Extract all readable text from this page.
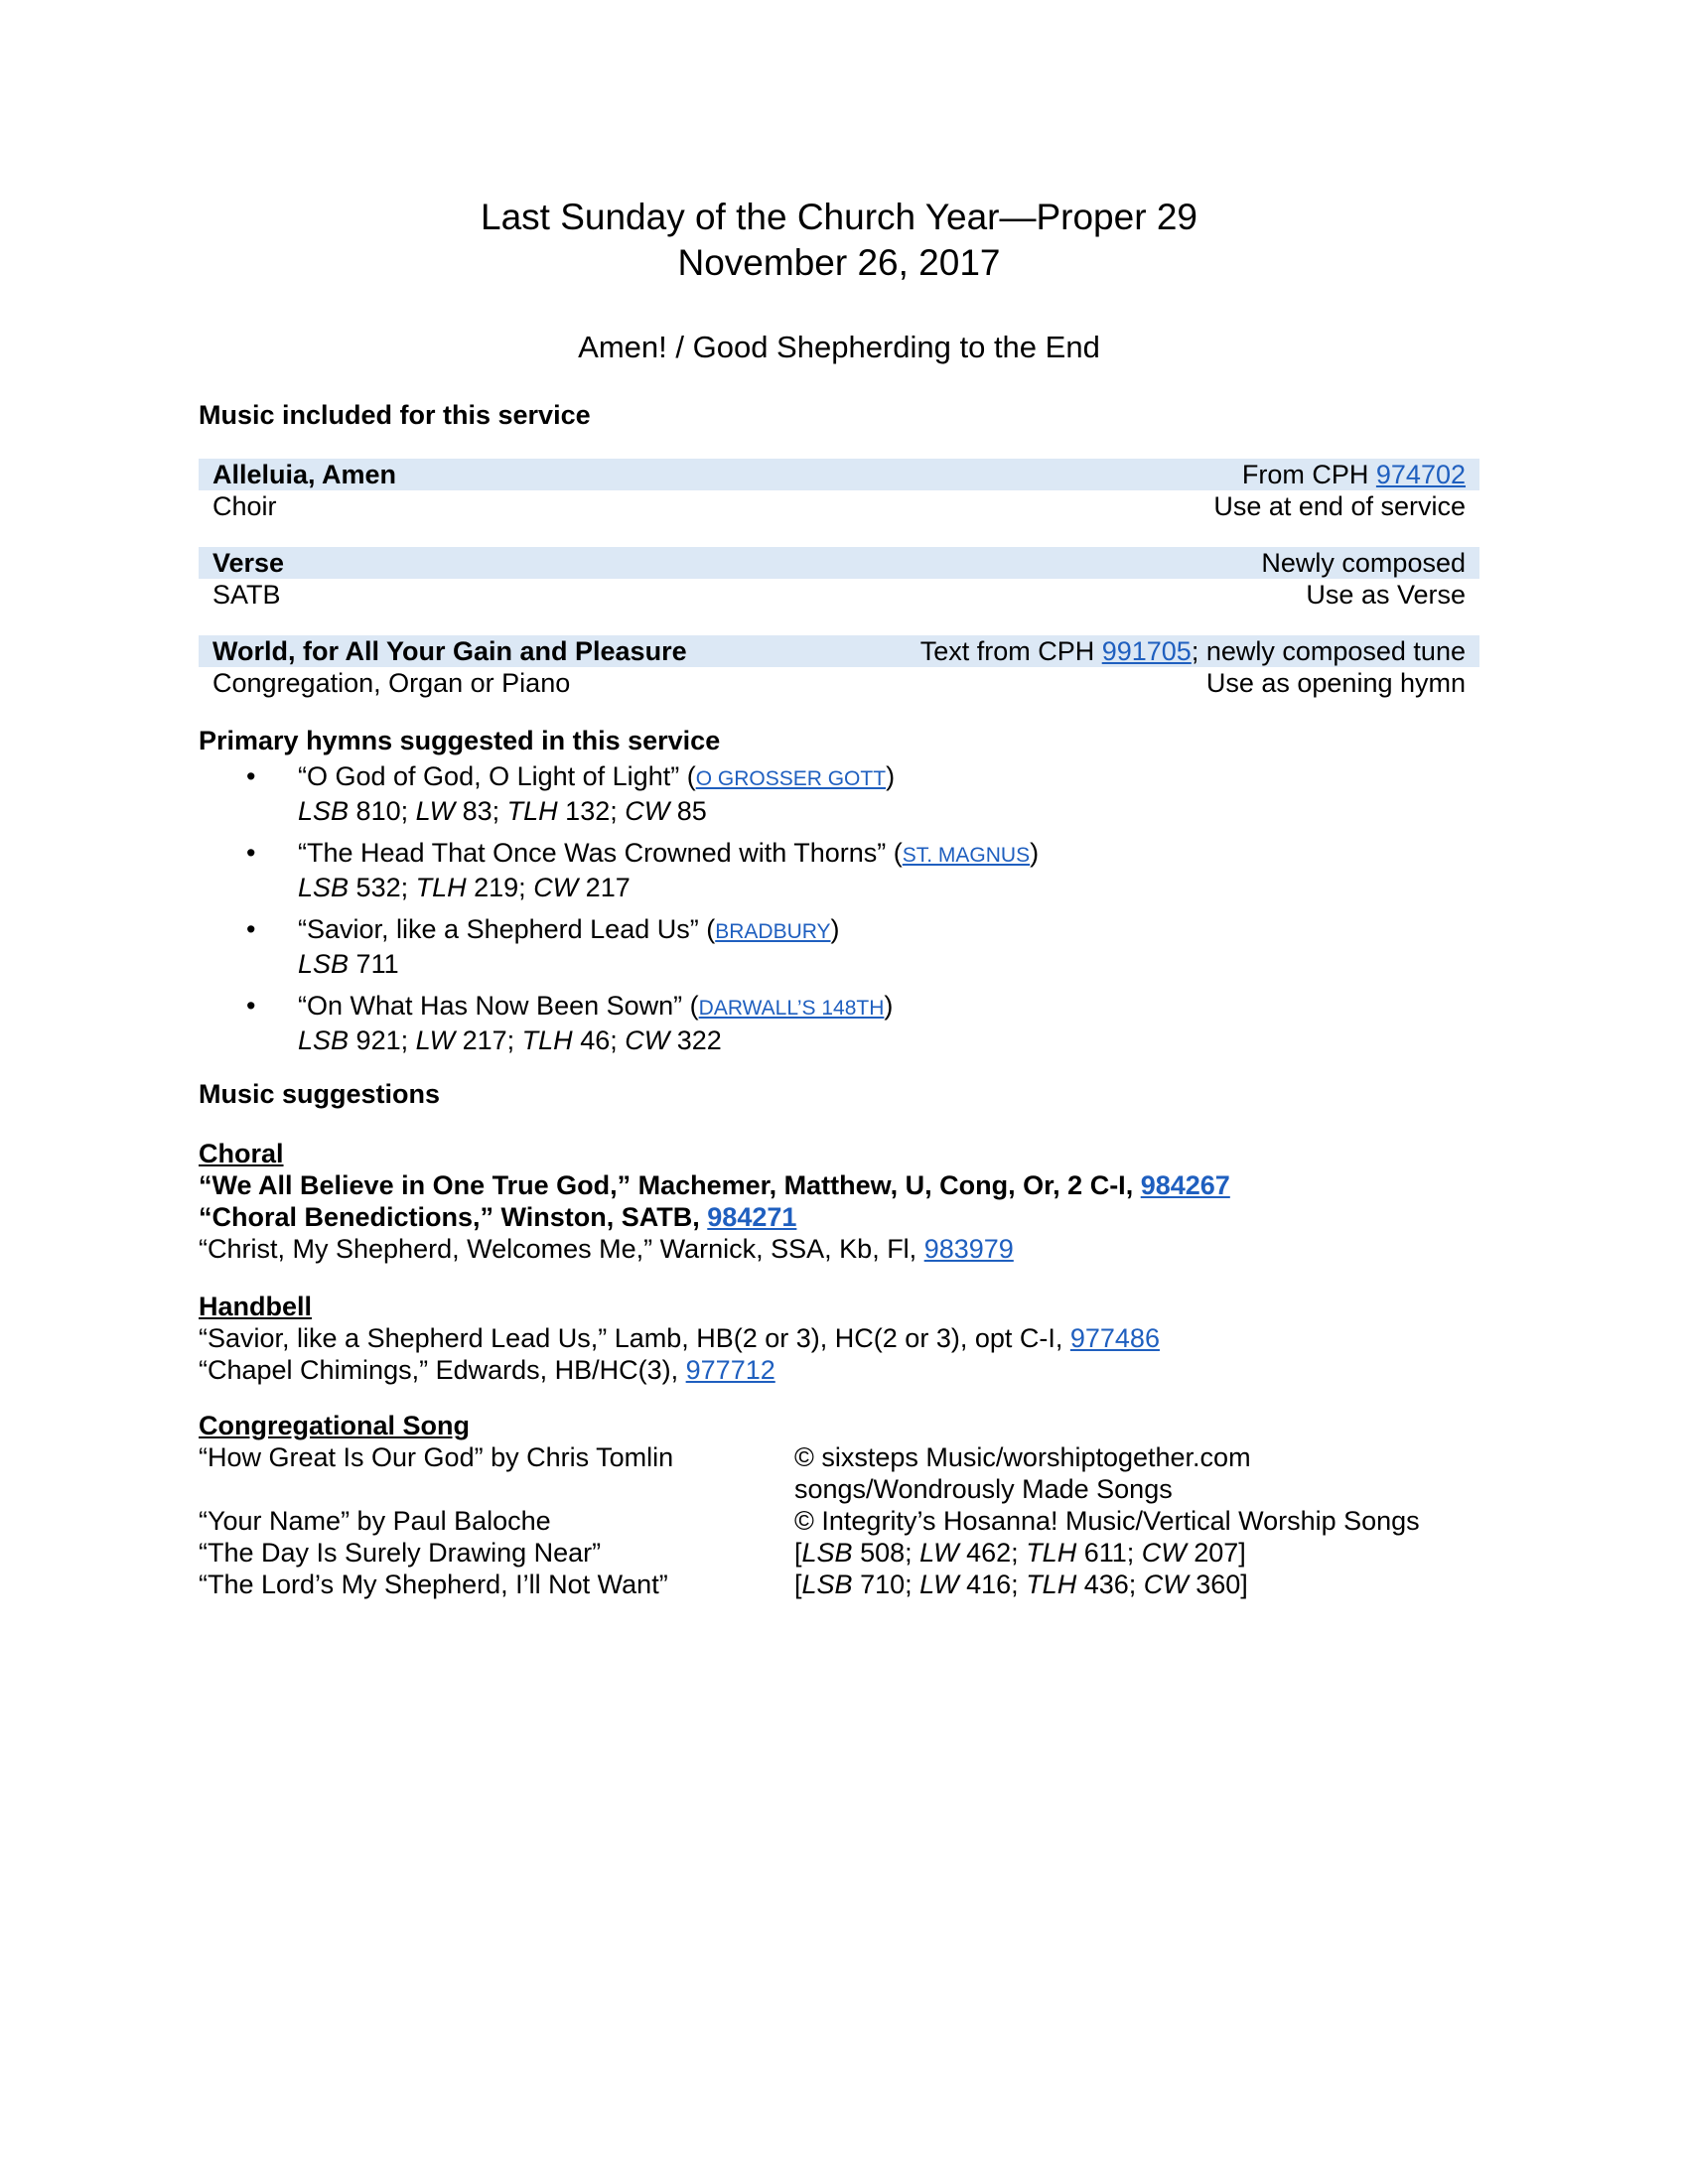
Last Sunday of the Church Year—Proper 29
November 26, 2017
Amen! / Good Shepherding to the End
Music included for this service
Alleluia, Amen	From CPH 974702
Choir	Use at end of service
Verse	Newly composed
SATB	Use as Verse
World, for All Your Gain and Pleasure	Text from CPH 991705; newly composed tune
Congregation, Organ or Piano	Use as opening hymn
Primary hymns suggested in this service
• “O God of God, O Light of Light” (O GROSSER GOTT)
LSB 810; LW 83; TLH 132; CW 85
• “The Head That Once Was Crowned with Thorns” (ST. MAGNUS)
LSB 532; TLH 219; CW 217
• “Savior, like a Shepherd Lead Us” (BRADBURY)
LSB 711
• “On What Has Now Been Sown” (DARWALL’S 148TH)
LSB 921; LW 217; TLH 46; CW 322
Music suggestions
Choral
“We All Believe in One True God,” Machemer, Matthew, U, Cong, Or, 2 C-I, 984267
“Choral Benedictions,” Winston, SATB, 984271
“Christ, My Shepherd, Welcomes Me,” Warnick, SSA, Kb, Fl, 983979
Handbell
“Savior, like a Shepherd Lead Us,” Lamb, HB(2 or 3), HC(2 or 3), opt C-I, 977486
“Chapel Chimings,” Edwards, HB/HC(3), 977712
Congregational Song
“How Great Is Our God” by Chris Tomlin	© sixsteps Music/worshiptogether.com
songs/Wondrously Made Songs
“Your Name” by Paul Baloche	© Integrity’s Hosanna! Music/Vertical Worship Songs
“The Day Is Surely Drawing Near”	[LSB 508; LW 462; TLH 611; CW 207]
“The Lord’s My Shepherd, I’ll Not Want”	[LSB 710; LW 416; TLH 436; CW 360]
